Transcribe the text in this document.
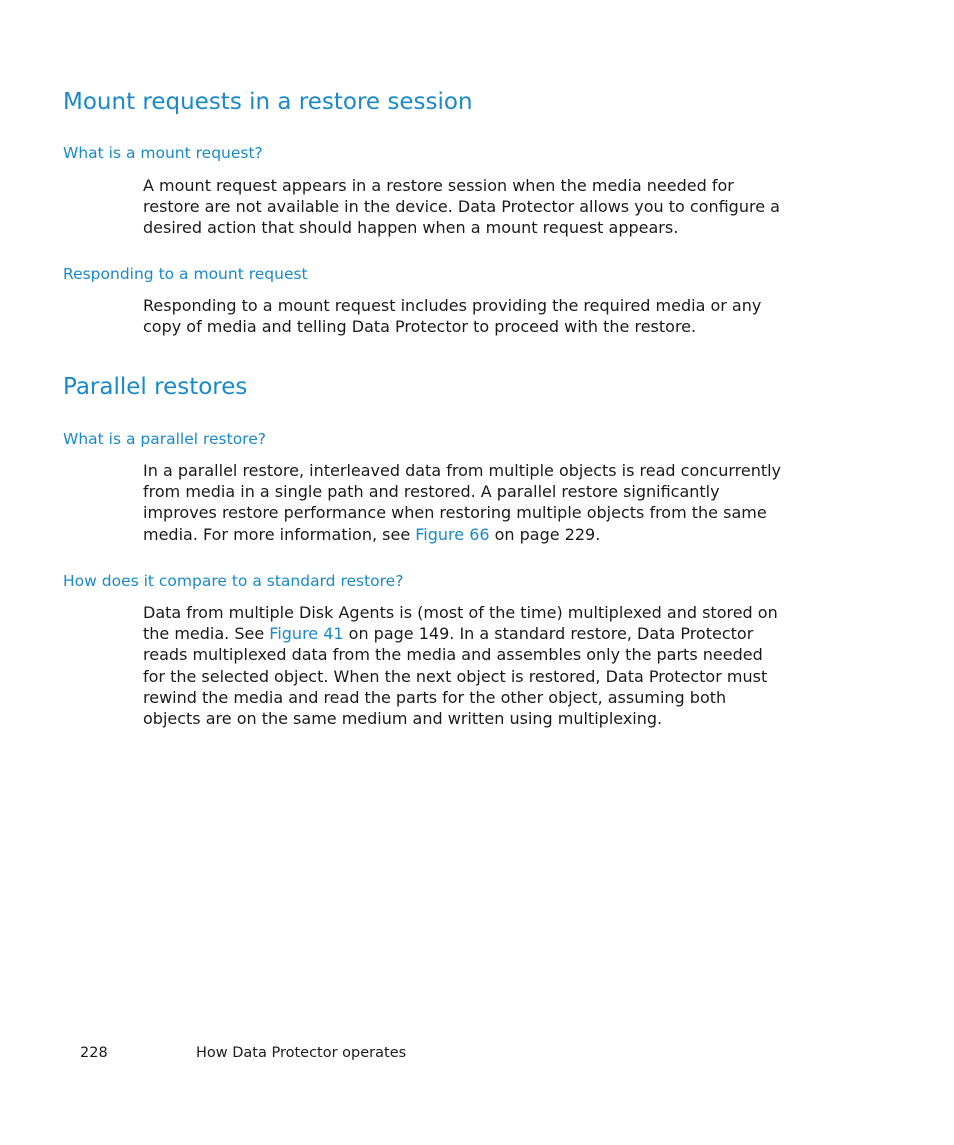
Mount requests in a restore session
What is a mount request?

A mount request appears in a restore session when the media needed for restore are not available in the device. Data Protector allows you to configure a desired action that should happen when a mount request appears.

Responding to a mount request

Responding to a mount request includes providing the required media or any copy of media and telling Data Protector to proceed with the restore.

Parallel restores
What is a parallel restore?

In a parallel restore, interleaved data from multiple objects is read concurrently from media in a single path and restored. A parallel restore significantly improves restore performance when restoring multiple objects from the same media. For more information, see Figure 66 on page 229.

How does it compare to a standard restore?

Data from multiple Disk Agents is (most of the time) multiplexed and stored on the media. See Figure 41 on page 149. In a standard restore, Data Protector reads multiplexed data from the media and assembles only the parts needed for the selected object. When the next object is restored, Data Protector must rewind the media and read the parts for the other object, assuming both objects are on the same medium and written using multiplexing.

228	How Data Protector operates
